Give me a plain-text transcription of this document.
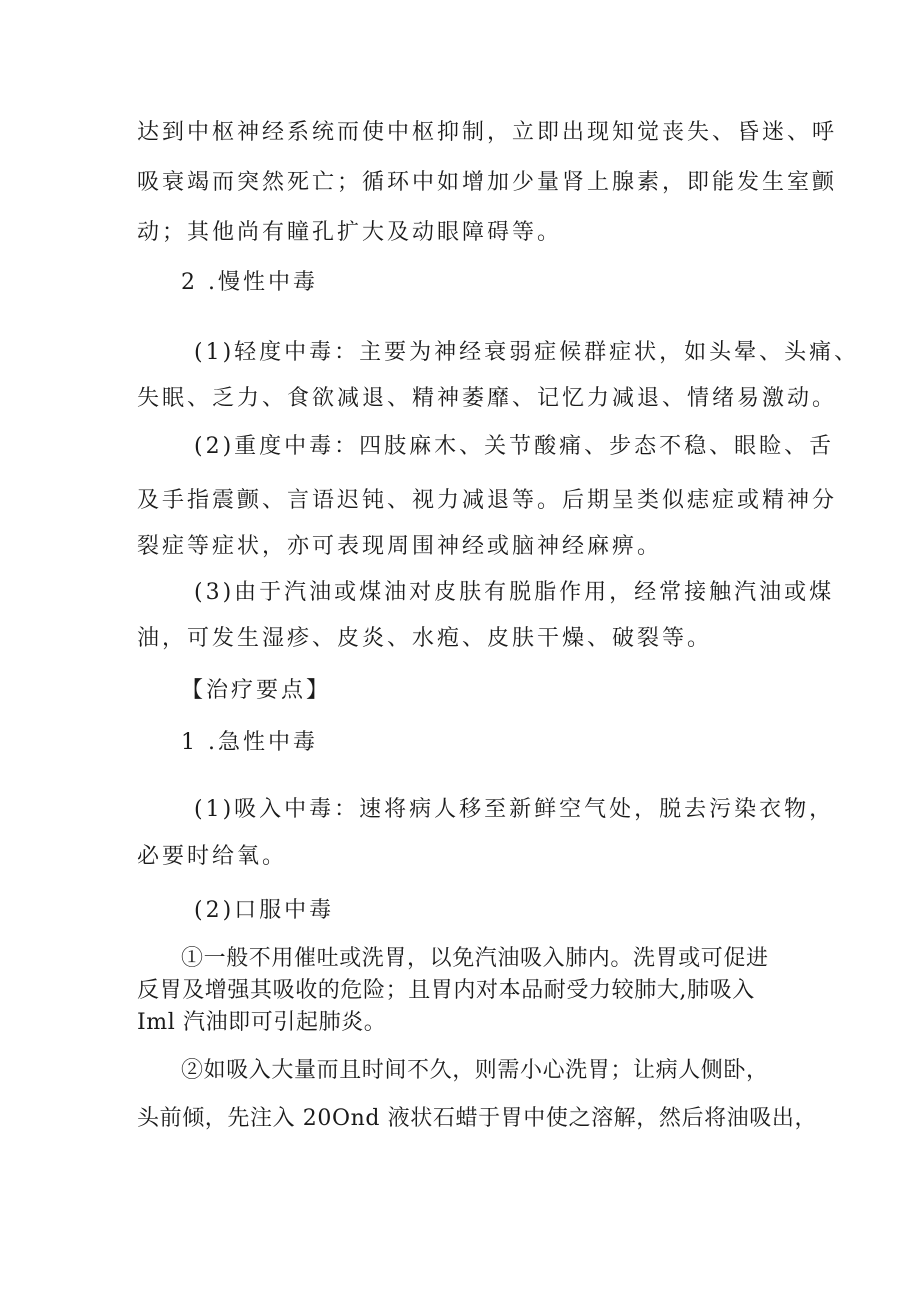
达到中枢神经系统而使中枢抑制，立即出现知觉丧失、昏迷、呼
吸衰竭而突然死亡；循环中如增加少量肾上腺素，即能发生室颤
动；其他尚有瞳孔扩大及动眼障碍等。
2 .慢性中毒
(1)轻度中毒：主要为神经衰弱症候群症状，如头晕、头痛、
失眠、乏力、食欲减退、精神萎靡、记忆力减退、情绪易激动。
(2)重度中毒：四肢麻木、关节酸痛、步态不稳、眼睑、舌
及手指震颤、言语迟钝、视力减退等。后期呈类似痣症或精神分
裂症等症状，亦可表现周围神经或脑神经麻痹。
(3)由于汽油或煤油对皮肤有脱脂作用，经常接触汽油或煤
油，可发生湿疹、皮炎、水疱、皮肤干燥、破裂等。
【治疗要点】
1 .急性中毒
(1)吸入中毒：速将病人移至新鲜空气处，脱去污染衣物，
必要时给氧。
(2)口服中毒
①一般不用催吐或洗胃，以免汽油吸入肺内。洗胃或可促进
反胃及增强其吸收的危险；且胃内对本品耐受力较肺大,肺吸入
Iml 汽油即可引起肺炎。
②如吸入大量而且时间不久，则需小心洗胃；让病人侧卧，
头前倾，先注入 20Ond 液状石蜡于胃中使之溶解，然后将油吸出，
